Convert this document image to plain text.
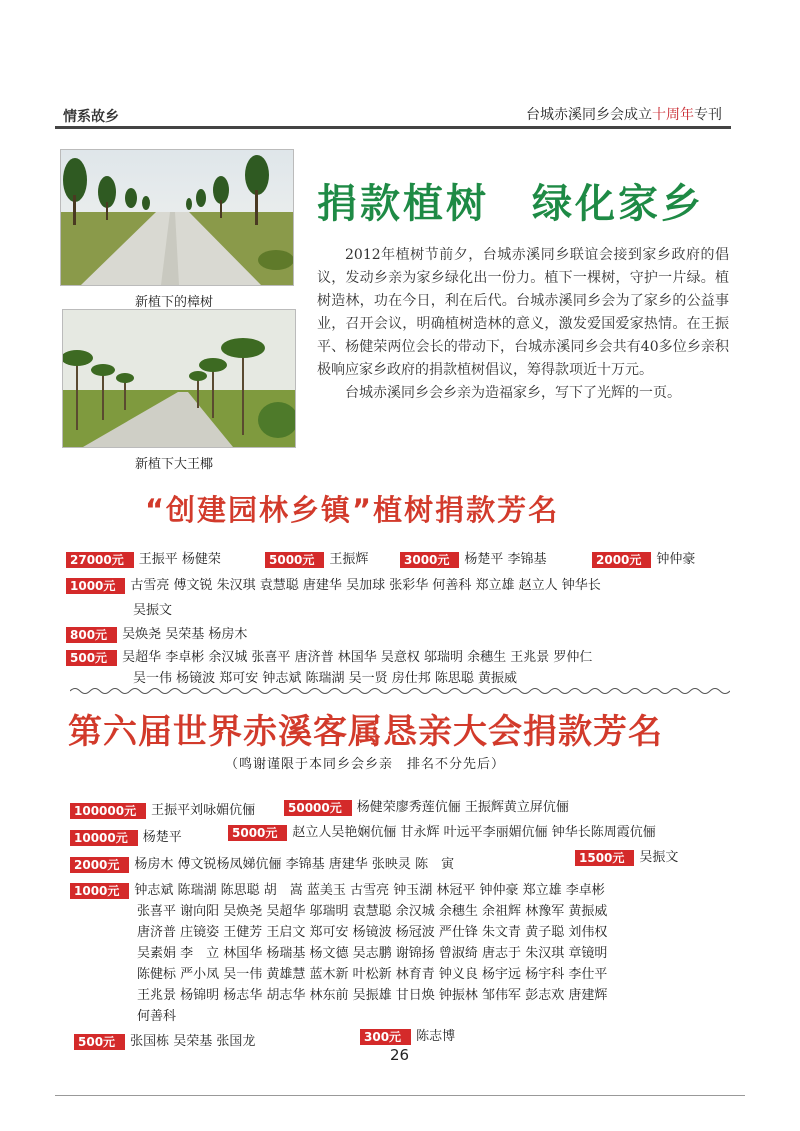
情系故乡	台城赤溪同乡会成立十周年专刊
新植下的樟树
新植下大王椰
捐款植树　绿化家乡

2012年植树节前夕，台城赤溪同乡联谊会接到家乡政府的倡议，发动乡亲为家乡绿化出一份力。植下一棵树，守护一片绿。植树造林，功在今日，利在后代。台城赤溪同乡会为了家乡的公益事业，召开会议，明确植树造林的意义，激发爱国爱家热情。在王振平、杨健荣两位会长的带动下，台城赤溪同乡会共有40多位乡亲积极响应家乡政府的捐款植树倡议，筹得款项近十万元。

台城赤溪同乡会乡亲为造福家乡，写下了光辉的一页。

“创建园林乡镇”植树捐款芳名
27000元 王振平 杨健荣	5000元 王振辉	3000元 杨楚平 李锦基	2000元 钟仲豪
1000元 古雪亮 傅文锐 朱汉琪 袁慧聪 唐建华 吴加球 张彩华 何善科 郑立雄 赵立人 钟华长
吴振文
800元 吴焕尧 吴荣基 杨房木
500元 吴超华 李卓彬 余汉城 张喜平 唐济普 林国华 吴意权 邬瑞明 余穗生 王兆景 罗仲仁
吴一伟 杨镜波 郑可安 钟志斌 陈瑞湖 吴一贤 房仕邦 陈思聪 黄振威
第六届世界赤溪客属恳亲大会捐款芳名
（鸣谢谨限于本同乡会乡亲　排名不分先后）
100000元 王振平刘咏媚伉俪	50000元 杨健荣廖秀莲伉俪 王振辉黄立屏伉俪
10000元 杨楚平	5000元 赵立人吴艳娴伉俪 甘永辉 叶远平李丽媚伉俪 钟华长陈周霞伉俪
2000元 杨房木 傅文锐杨凤娣伉俪 李锦基 唐建华 张映灵 陈　寅	1500元 吴振文
1000元 钟志斌 陈瑞湖 陈思聪 胡　嵩 蓝美玉 古雪亮 钟玉湖 林冠平 钟仲豪 郑立雄 李卓彬
张喜平 谢向阳 吴焕尧 吴超华 邬瑞明 袁慧聪 余汉城 余穗生 余祖辉 林豫军 黄振威
唐济普 庄镜姿 王健芳 王启文 郑可安 杨镜波 杨冠波 严仕锋 朱文青 黄子聪 刘伟权
吴素娟 李　立 林国华 杨瑞基 杨文德 吴志鹏 谢锦扬 曾淑绮 唐志于 朱汉琪 章镜明
陈健标 严小凤 吴一伟 黄雄慧 蓝木新 叶松新 林育青 钟义良 杨宇远 杨宇科 李仕平
王兆景 杨锦明 杨志华 胡志华 林东前 吴振雄 甘日焕 钟振林 邹伟军 彭志欢 唐建辉
何善科
500元 张国栋 吴荣基 张国龙	300元 陈志博
26
